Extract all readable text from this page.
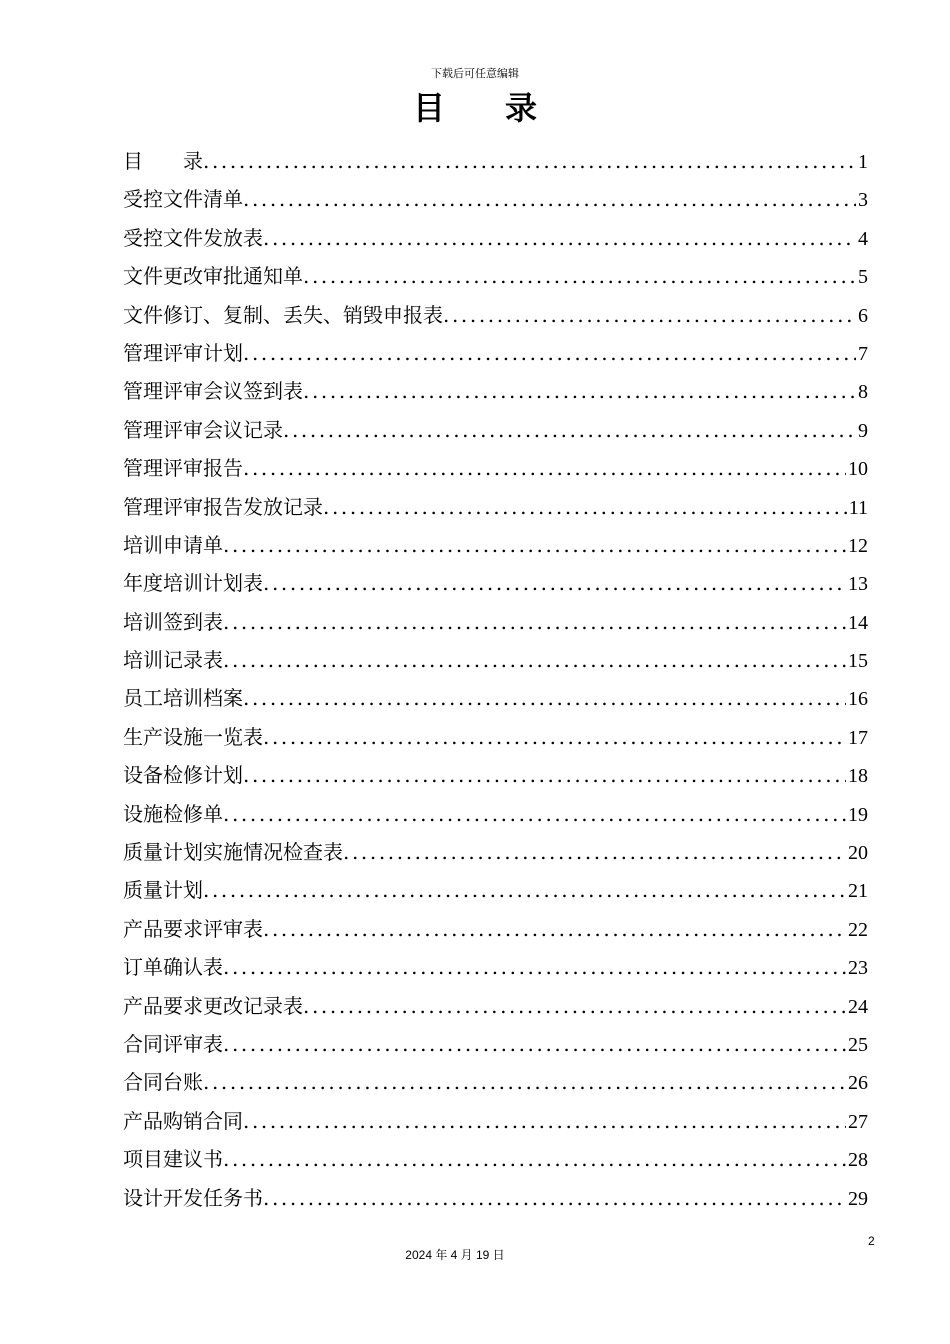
下载后可任意编辑
目录
目　　录 .....	1
受控文件清单 .....	3
受控文件发放表 .....	4
文件更改审批通知单 .....	5
文件修订、复制、丢失、销毁申报表 .....	6
管理评审计划 .....	7
管理评审会议签到表 .....	8
管理评审会议记录 .....	9
管理评审报告 .....	10
管理评审报告发放记录 .....	11
培训申请单 .....	12
年度培训计划表 .....	13
培训签到表 .....	14
培训记录表 .....	15
员工培训档案 .....	16
生产设施一览表 .....	17
设备检修计划 .....	18
设施检修单 .....	19
质量计划实施情况检查表 .....	20
质量计划 .....	21
产品要求评审表 .....	22
订单确认表 .....	23
产品要求更改记录表 .....	24
合同评审表 .....	25
合同台账 .....	26
产品购销合同 .....	27
项目建议书 .....	28
设计开发任务书 .....	29
2
2024 年 4 月 19 日
